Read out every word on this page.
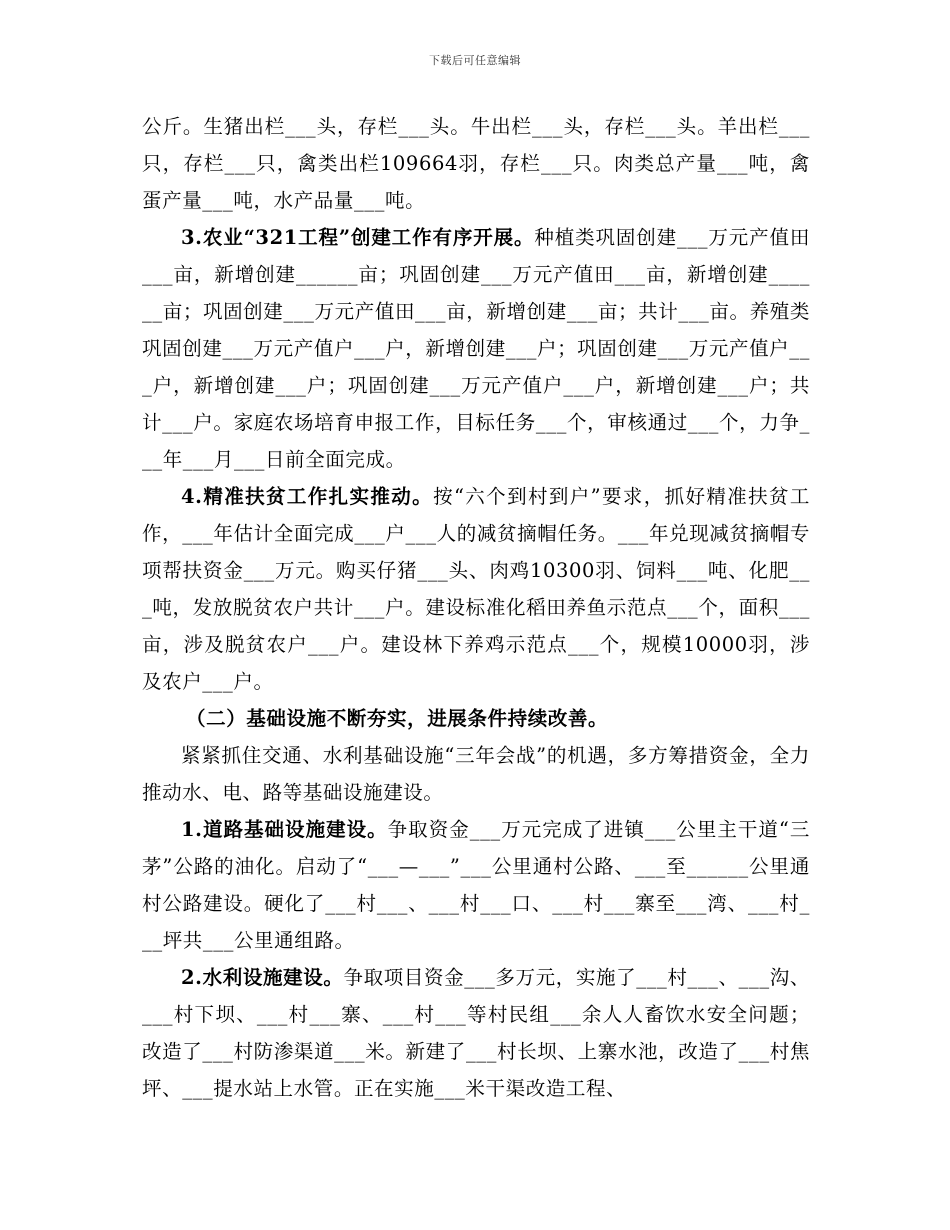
下载后可任意编辑

公斤。生猪出栏___头，存栏___头。牛出栏___头，存栏___头。羊出栏___只，存栏___只，禽类出栏109664羽，存栏___只。肉类总产量___吨，禽蛋产量___吨，水产品量___吨。

3.农业“321工程”创建工作有序开展。种植类巩固创建___万元产值田___亩，新增创建______亩；巩固创建___万元产值田___亩，新增创建______亩；巩固创建___万元产值田___亩，新增创建___亩；共计___亩。养殖类巩固创建___万元产值户___户，新增创建___户；巩固创建___万元产值户___户，新增创建___户；巩固创建___万元产值户___户，新增创建___户；共计___户。家庭农场培育申报工作，目标任务___个，审核通过___个，力争___年___月___日前全面完成。

4.精准扶贫工作扎实推动。按“六个到村到户”要求，抓好精准扶贫工作，___年估计全面完成___户___人的减贫摘帽任务。___年兑现减贫摘帽专项帮扶资金___万元。购买仔猪___头、肉鸡10300羽、饲料___吨、化肥___吨，发放脱贫农户共计___户。建设标准化稻田养鱼示范点___个，面积___亩，涉及脱贫农户___户。建设林下养鸡示范点___个，规模10000羽，涉及农户___户。

（二）基础设施不断夯实，进展条件持续改善。

紧紧抓住交通、水利基础设施“三年会战”的机遇，多方筹措资金，全力推动水、电、路等基础设施建设。

1.道路基础设施建设。争取资金___万元完成了进镇___公里主干道“三茅”公路的油化。启动了“___—___”___公里通村公路、___至______公里通村公路建设。硬化了___村___、___村___口、___村___寨至___湾、___村___坪共___公里通组路。

2.水利设施建设。争取项目资金___多万元，实施了___村___、___沟、___村下坝、___村___寨、___村___等村民组___余人人畜饮水安全问题；改造了___村防渗渠道___米。新建了___村长坝、上寨水池，改造了___村焦坪、___提水站上水管。正在实施___米干渠改造工程、
